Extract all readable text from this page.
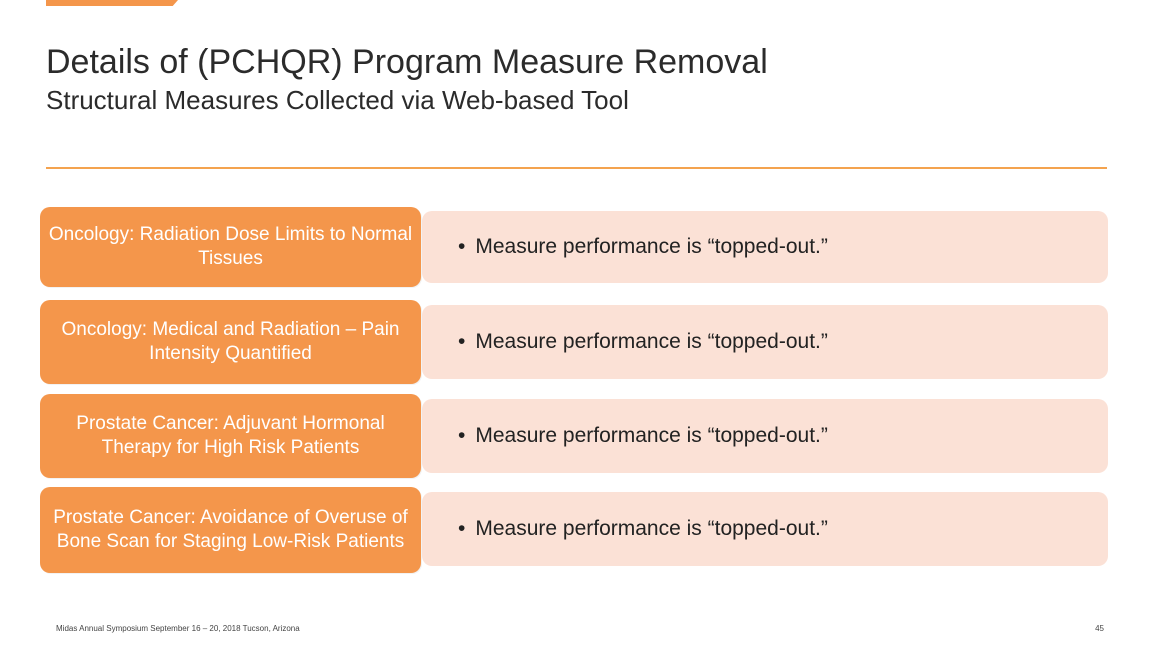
Details of (PCHQR) Program Measure Removal
Structural Measures Collected via Web-based Tool
• Measure performance is “topped-out.”
Oncology: Radiation Dose Limits to Normal Tissues
• Measure performance is “topped-out.”
Oncology: Medical and Radiation – Pain Intensity Quantified
• Measure performance is “topped-out.”
Prostate Cancer: Adjuvant Hormonal Therapy for High Risk Patients
• Measure performance is “topped-out.”
Prostate Cancer: Avoidance of Overuse of Bone Scan for Staging Low-Risk Patients
Midas Annual Symposium September 16 – 20, 2018 Tucson, Arizona	45
